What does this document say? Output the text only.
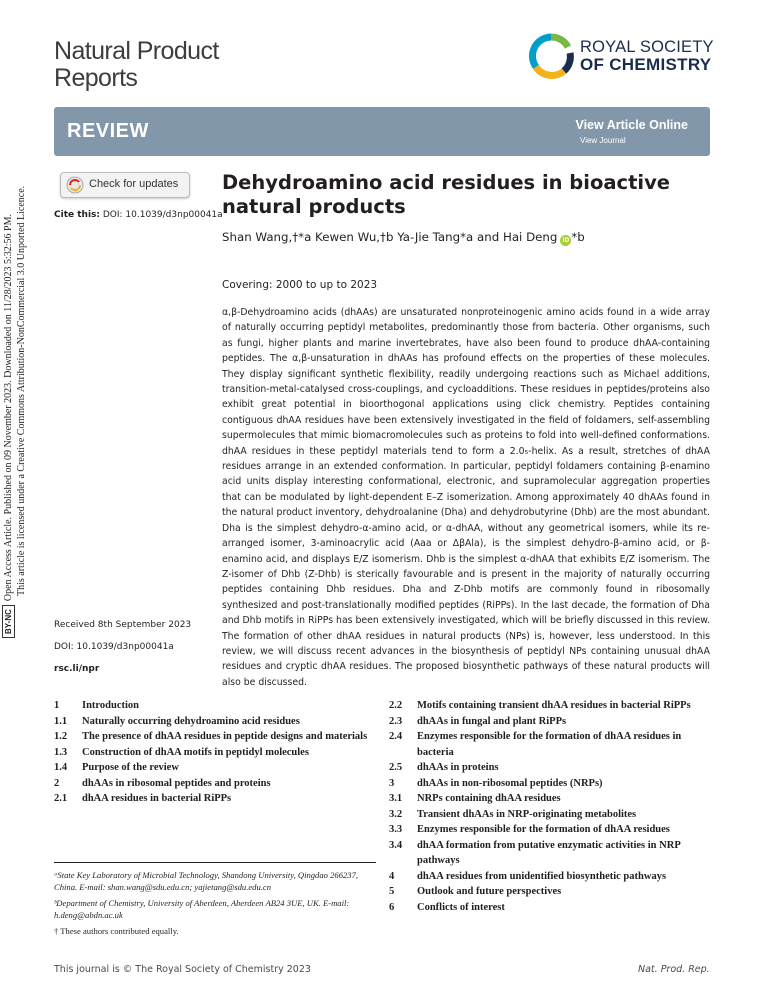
Natural Product
Reports
ROYAL SOCIETY
OF CHEMISTRY
REVIEW	View Article Online
View Journal
BY-NCOpen Access Article. Published on 09 November 2023. Downloaded on 11/28/2023 5:32:56 PM. This article is licensed under a Creative Commons Attribution-NonCommercial 3.0 Unported Licence.
Check for updates
Cite this: DOI: 10.1039/d3np00041a
Dehydroamino acid residues in bioactive natural products
Shan Wang,†*a Kewen Wu,†b Ya-Jie Tang*a and Hai Deng iD *b
Covering: 2000 to up to 2023
α,β-Dehydroamino acids (dhAAs) are unsaturated nonproteinogenic amino acids found in a wide array of naturally occurring peptidyl metabolites, predominantly those from bacteria. Other organisms, such as fungi, higher plants and marine invertebrates, have also been found to produce dhAA-containing peptides. The α,β-unsaturation in dhAAs has profound effects on the properties of these molecules. They display significant synthetic flexibility, readily undergoing reactions such as Michael additions, transition-metal-catalysed cross-couplings, and cycloadditions. These residues in peptides/proteins also exhibit great potential in bioorthogonal applications using click chemistry. Peptides containing contiguous dhAA residues have been extensively investigated in the field of foldamers, self-assembling supermolecules that mimic biomacromolecules such as proteins to fold into well-defined conformations. dhAA residues in these peptidyl materials tend to form a 2.0₅-helix. As a result, stretches of dhAA residues arrange in an extended conformation. In particular, peptidyl foldamers containing β-enamino acid units display interesting conformational, electronic, and supramolecular aggregation properties that can be modulated by light-dependent E–Z isomerization. Among approximately 40 dhAAs found in the natural product inventory, dehydroalanine (Dha) and dehydrobutyrine (Dhb) are the most abundant. Dha is the simplest dehydro-α-amino acid, or α-dhAA, without any geometrical isomers, while its re-arranged isomer, 3-aminoacrylic acid (Aaa or ΔβAla), is the simplest dehydro-β-amino acid, or β-enamino acid, and displays E/Z isomerism. Dhb is the simplest α-dhAA that exhibits E/Z isomerism. The Z-isomer of Dhb (Z-Dhb) is sterically favourable and is present in the majority of naturally occurring peptides containing Dhb residues. Dha and Z-Dhb motifs are commonly found in ribosomally synthesized and post-translationally modified peptides (RiPPs). In the last decade, the formation of Dha and Dhb motifs in RiPPs has been extensively investigated, which will be briefly discussed in this review. The formation of other dhAA residues in natural products (NPs) is, however, less understood. In this review, we will discuss recent advances in the biosynthesis of peptidyl NPs containing unusual dhAA residues and cryptic dhAA residues. The proposed biosynthetic pathways of these natural products will also be discussed.
Received 8th September 2023
DOI: 10.1039/d3np00041a
rsc.li/npr
1	Introduction
1.1	Naturally occurring dehydroamino acid residues
1.2	The presence of dhAA residues in peptide designs and materials
1.3	Construction of dhAA motifs in peptidyl molecules
1.4	Purpose of the review
2	dhAAs in ribosomal peptides and proteins
2.1	dhAA residues in bacterial RiPPs
2.2	Motifs containing transient dhAA residues in bacterial RiPPs
2.3	dhAAs in fungal and plant RiPPs
2.4	Enzymes responsible for the formation of dhAA residues in bacteria
2.5	dhAAs in proteins
3	dhAAs in non-ribosomal peptides (NRPs)
3.1	NRPs containing dhAA residues
3.2	Transient dhAAs in NRP-originating metabolites
3.3	Enzymes responsible for the formation of dhAA residues
3.4	dhAA formation from putative enzymatic activities in NRP pathways
4	dhAA residues from unidentified biosynthetic pathways
5	Outlook and future perspectives
6	Conflicts of interest
ᵃState Key Laboratory of Microbial Technology, Shandong University, Qingdao 266237, China. E-mail: shan.wang@sdu.edu.cn; yajietang@sdu.edu.cn
ᵇDepartment of Chemistry, University of Aberdeen, Aberdeen AB24 3UE, UK. E-mail: h.deng@abdn.ac.uk
† These authors contributed equally.
This journal is © The Royal Society of Chemistry 2023	Nat. Prod. Rep.
